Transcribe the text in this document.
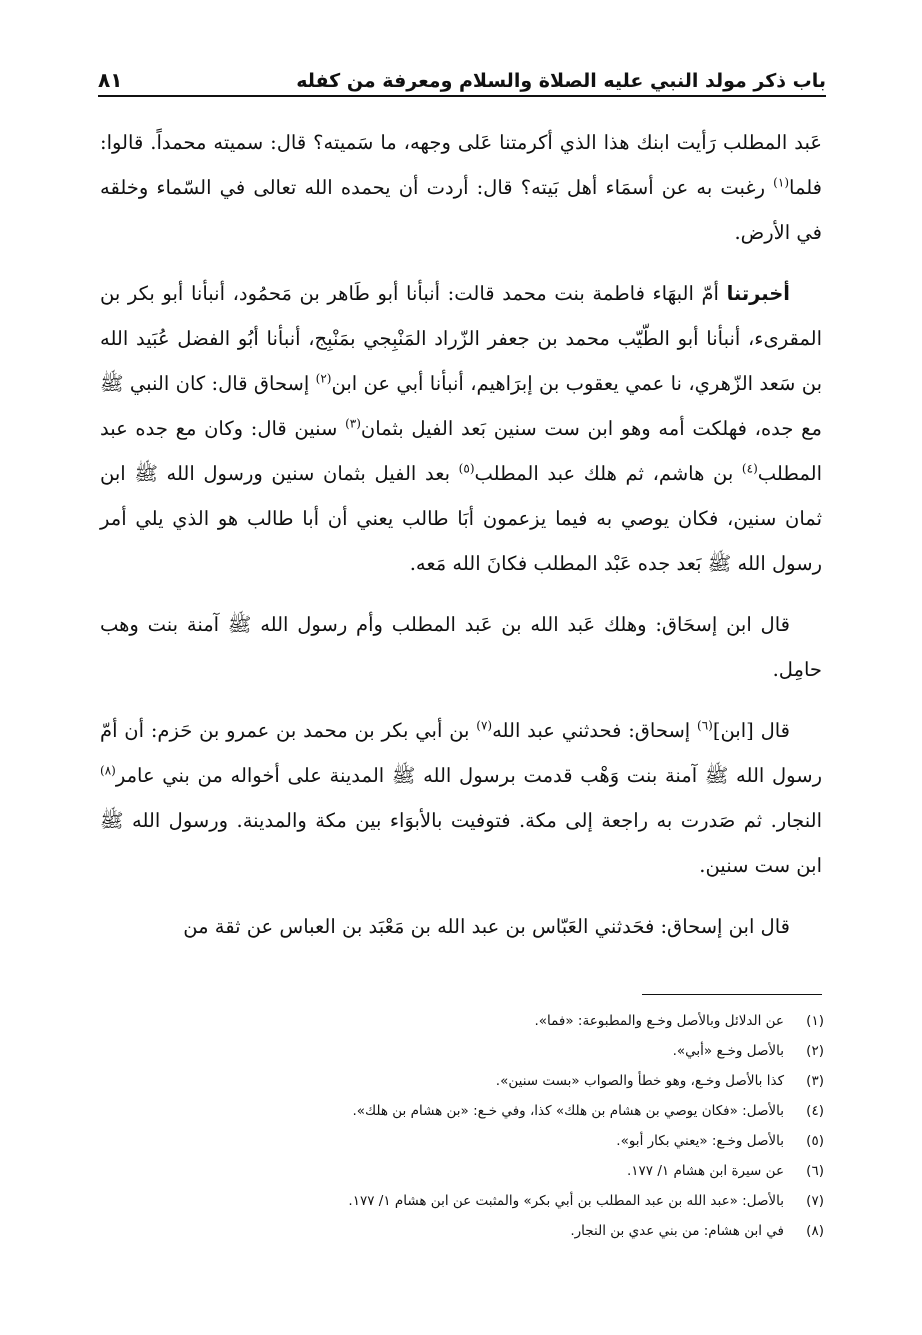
باب ذكر مولد النبي عليه الصلاة والسلام ومعرفة من كفله
٨١

عَبد المطلب رَأيت ابنك هذا الذي أكرمتنا عَلى وجهه، ما سَميته؟ قال: سميته محمداً. قالوا: فلما$^{(١)}$ رغبت به عن أسمَاء أهل بَيته؟ قال: أردت أن يحمده الله تعالى في السّماء وخلقه في الأرض.

أخبرتنا أمّ البهَاء فاطمة بنت محمد قالت: أنبأنا أبو طَاهر بن مَحمُود، أنبأنا أبو بكر بن المقرىء، أنبأنا أبو الطّيّب محمد بن جعفر الزّراد المَنْبِجي بمَنْبِج، أنبأنا أبُو الفضل عُبَيد الله بن سَعد الزّهري، نا عمي يعقوب بن إبرَاهيم، أنبأنا أبي عن ابن$^{(٢)}$ إسحاق قال: كان النبي ﷺ مع جده، فهلكت أمه وهو ابن ست سنين بَعد الفيل بثمان$^{(٣)}$ سنين قال: وكان مع جده عبد المطلب$^{(٤)}$ بن هاشم، ثم هلك عبد المطلب$^{(٥)}$ بعد الفيل بثمان سنين ورسول الله ﷺ ابن ثمان سنين، فكان يوصي به فيما يزعمون أبَا طالب يعني أن أبا طالب هو الذي يلي أمر رسول الله ﷺ بَعد جده عَبْد المطلب فكانَ الله مَعه.

قال ابن إسحَاق: وهلك عَبد الله بن عَبد المطلب وأم رسول الله ﷺ آمنة بنت وهب حامِل.

قال [ابن]$^{(٦)}$ إسحاق: فحدثني عبد الله$^{(٧)}$ بن أبي بكر بن محمد بن عمرو بن حَزم: أن أمّ رسول الله ﷺ آمنة بنت وَهْب قدمت برسول الله ﷺ المدينة على أخواله من بني عامر$^{(٨)}$ النجار. ثم صَدرت به راجعة إلى مكة. فتوفيت بالأبوَاء بين مكة والمدينة. ورسول الله ﷺ ابن ست سنين.

قال ابن إسحاق: فحَدثني العَبّاس بن عبد الله بن مَعْبَد بن العباس عن ثقة من

(١)
عن الدلائل وبالأصل وخـع والمطبوعة: «فما».
(٢)
بالأصل وخـع «أبي».
(٣)
كذا بالأصل وخـع، وهو خطأ والصواب «بست سنين».
(٤)
بالأصل: «فكان يوصي بن هشام بن هلك» كذا، وفي خـع: «بن هشام بن هلك».
(٥)
بالأصل وخـع: «يعني بكار أبو».
(٦)
عن سيرة ابن هشام ١/ ١٧٧.
(٧)
بالأصل: «عبد الله بن عبد المطلب بن أبي بكر» والمثبت عن ابن هشام ١/ ١٧٧.
(٨)
في ابن هشام: من بني عدي بن النجار.
